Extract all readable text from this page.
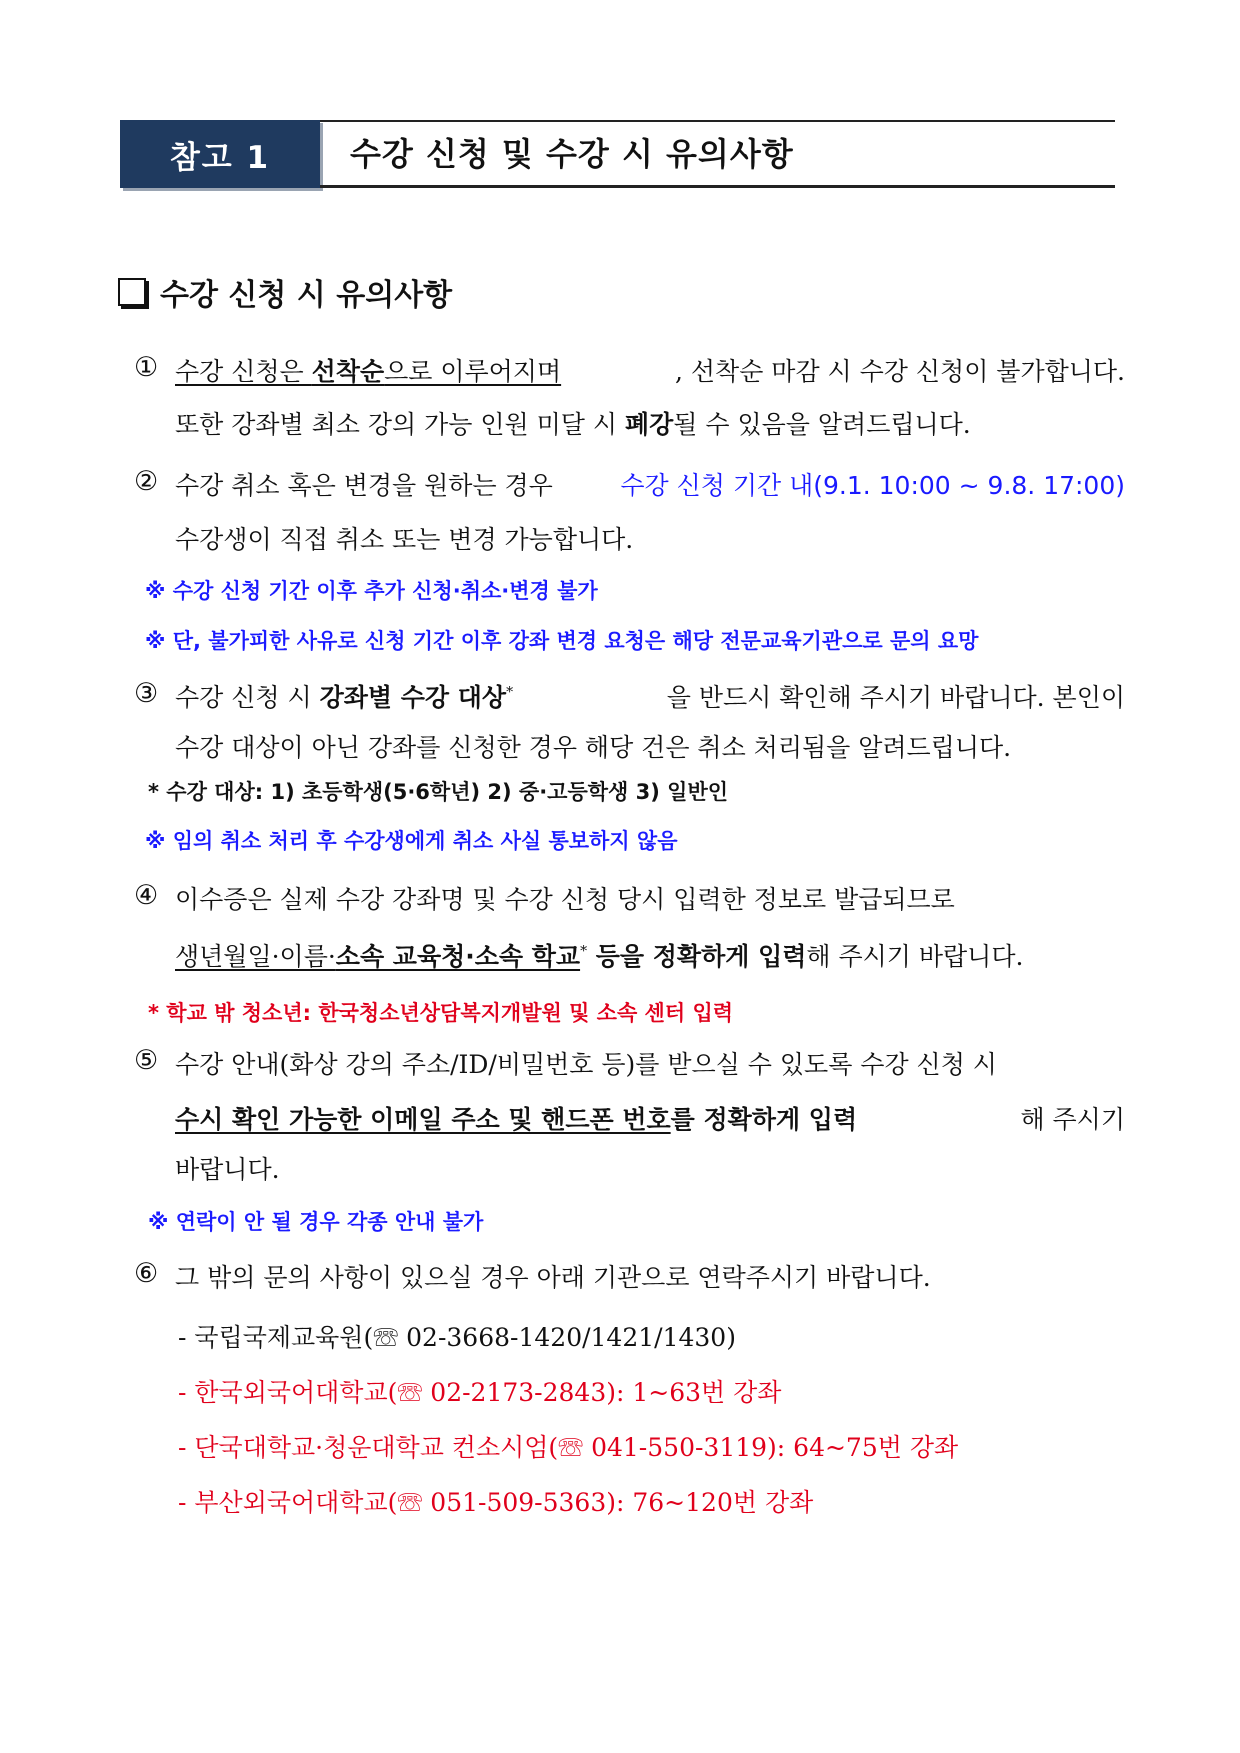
참고 1	수강 신청 및 수강 시 유의사항
수강 신청 시 유의사항
① 수강 신청은 선착순으로 이루어지며	, 선착순 마감 시 수강 신청이 불가합니다.
또한 강좌별 최소 강의 가능 인원 미달 시 폐강될 수 있음을 알려드립니다.
② 수강 취소 혹은 변경을 원하는 경우	수강 신청 기간 내(9.1. 10:00 ~ 9.8. 17:00)
수강생이 직접 취소 또는 변경 가능합니다.
※ 수강 신청 기간 이후 추가 신청·취소·변경 불가
※ 단, 불가피한 사유로 신청 기간 이후 강좌 변경 요청은 해당 전문교육기관으로 문의 요망
③ 수강 신청 시 강좌별 수강 대상*	을 반드시 확인해 주시기 바랍니다. 본인이
수강 대상이 아닌 강좌를 신청한 경우 해당 건은 취소 처리됨을 알려드립니다.
* 수강 대상: 1) 초등학생(5·6학년) 2) 중·고등학생 3) 일반인
※ 임의 취소 처리 후 수강생에게 취소 사실 통보하지 않음
④ 이수증은 실제 수강 강좌명 및 수강 신청 당시 입력한 정보로 발급되므로
생년월일·이름·소속 교육청·소속 학교* 등을 정확하게 입력해 주시기 바랍니다.
* 학교 밖 청소년: 한국청소년상담복지개발원 및 소속 센터 입력
⑤ 수강 안내(화상 강의 주소/ID/비밀번호 등)를 받으실 수 있도록 수강 신청 시
수시 확인 가능한 이메일 주소 및 핸드폰 번호를 정확하게 입력	해 주시기
바랍니다.
※ 연락이 안 될 경우 각종 안내 불가
⑥ 그 밖의 문의 사항이 있으실 경우 아래 기관으로 연락주시기 바랍니다.
- 국립국제교육원(☏ 02-3668-1420/1421/1430)
- 한국외국어대학교(☏ 02-2173-2843): 1~63번 강좌
- 단국대학교·청운대학교 컨소시엄(☏ 041-550-3119): 64~75번 강좌
- 부산외국어대학교(☏ 051-509-5363): 76~120번 강좌
